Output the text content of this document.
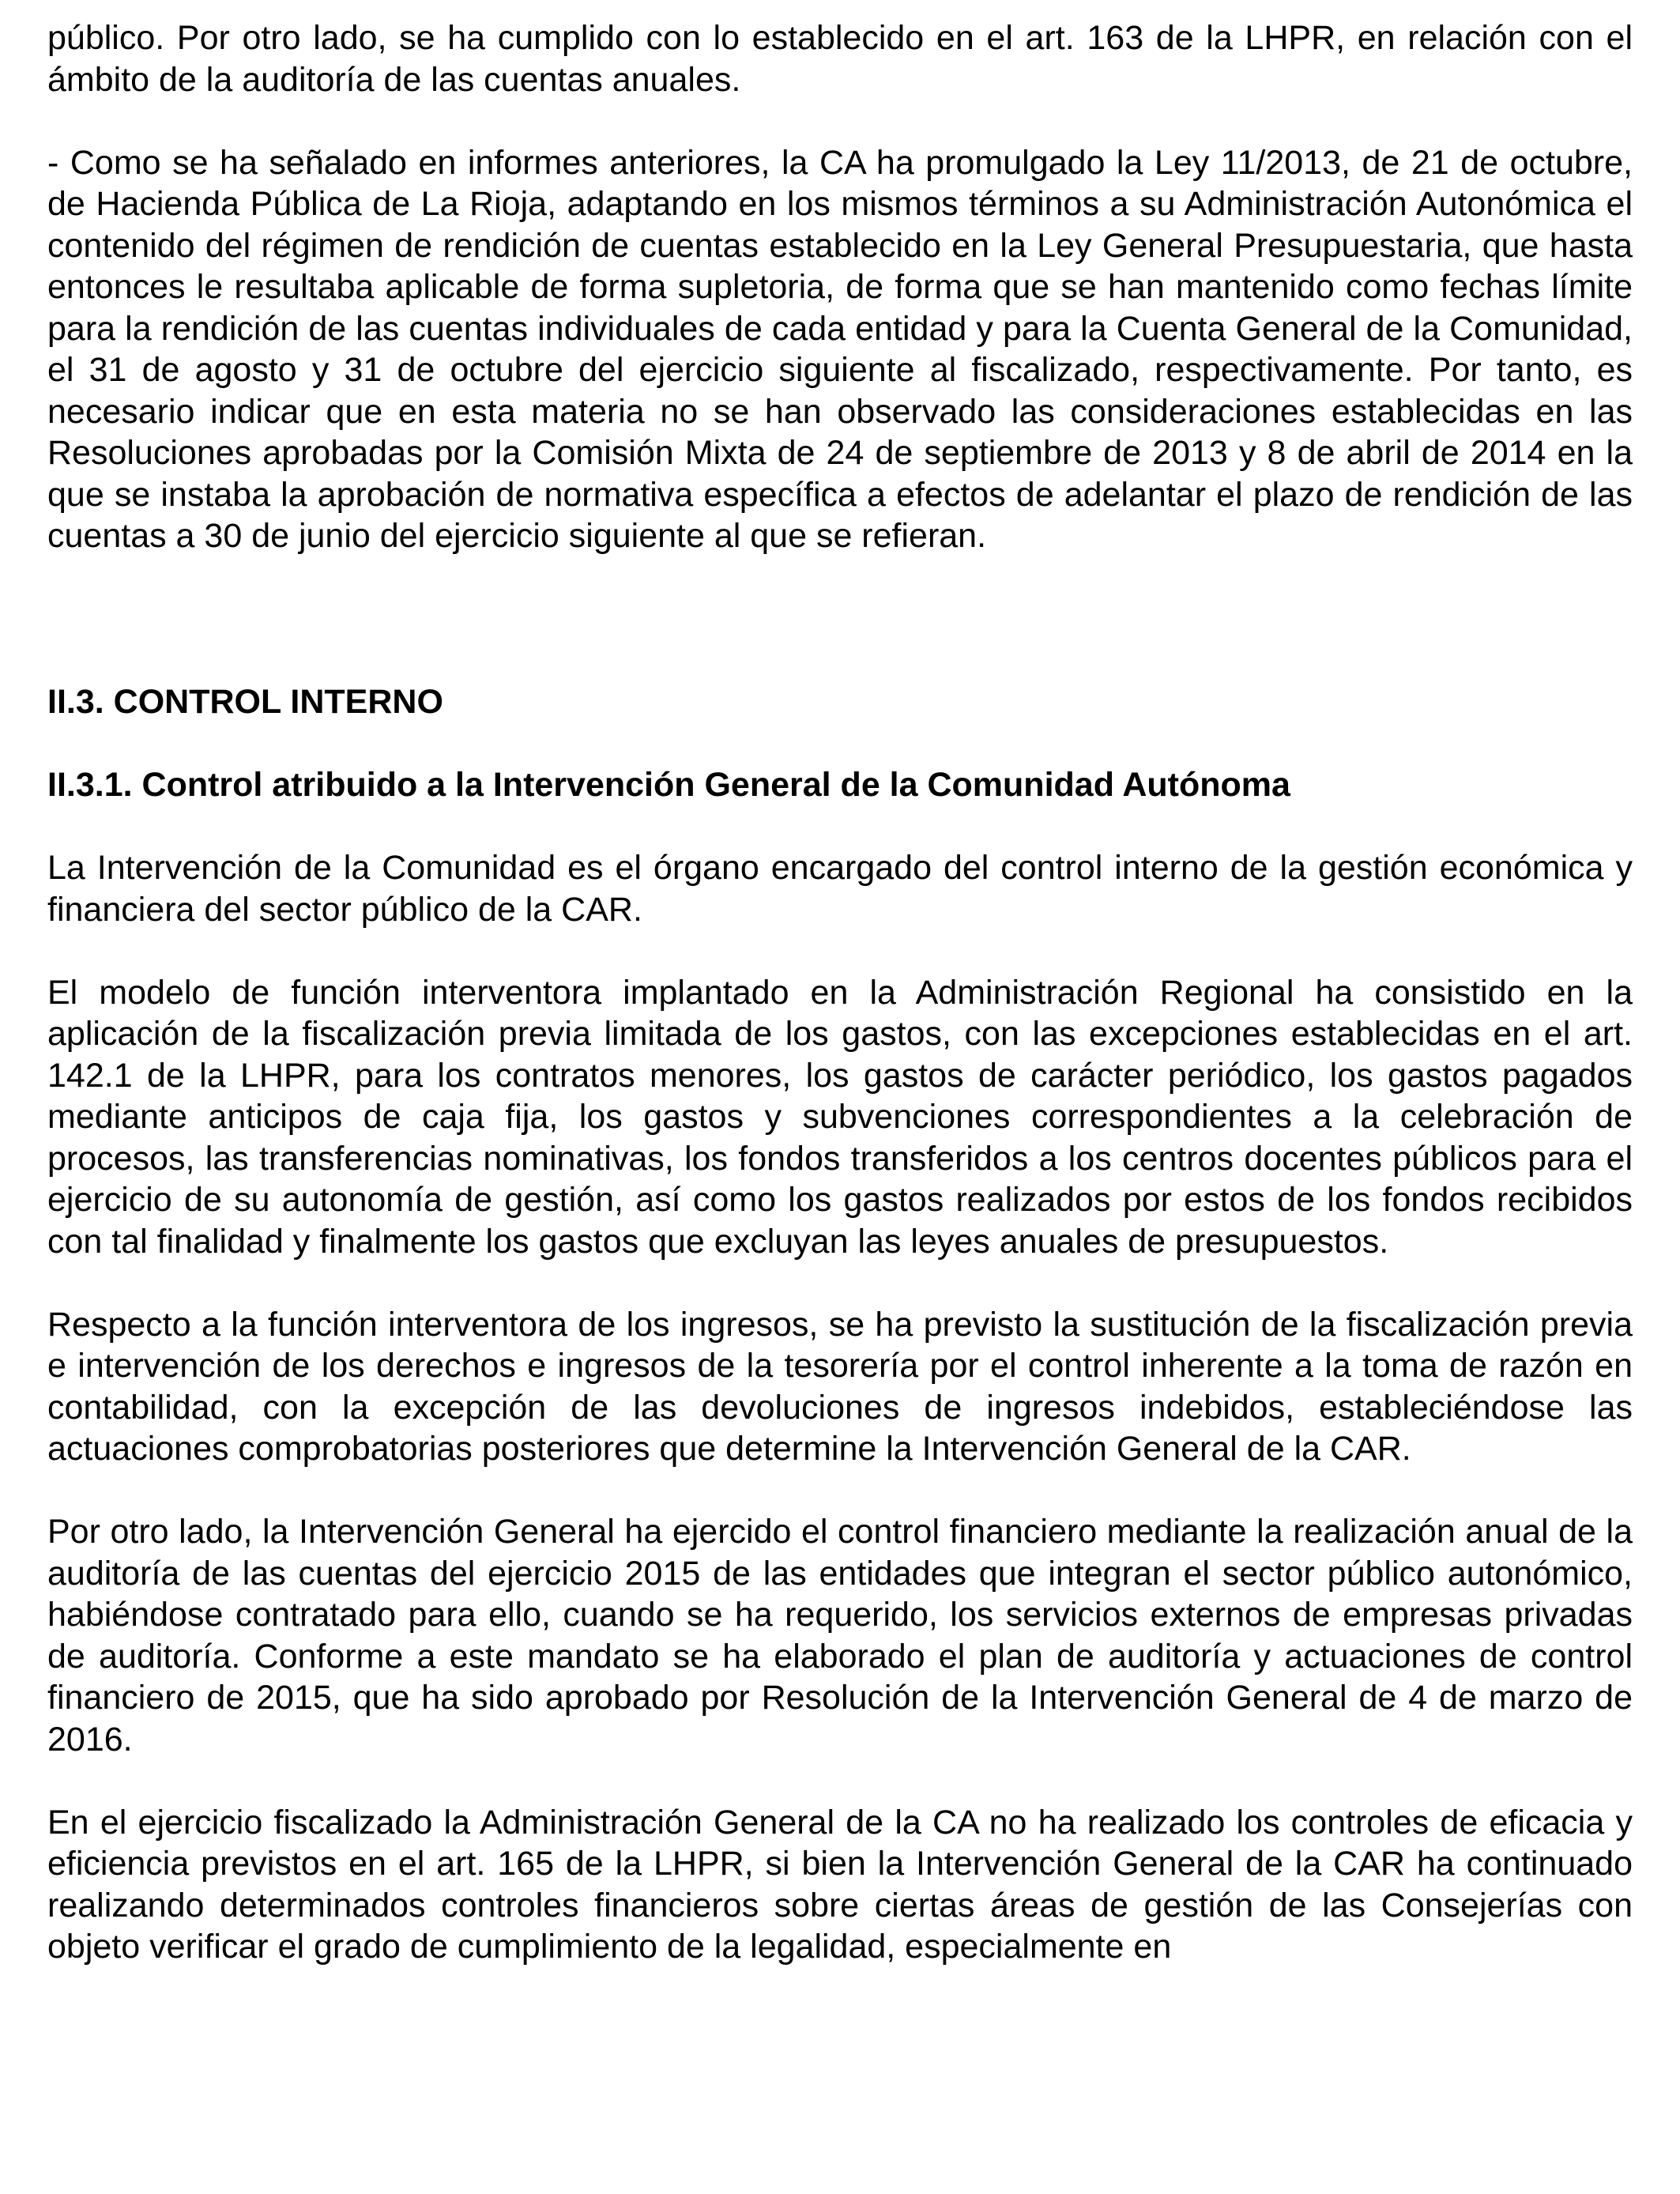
público. Por otro lado, se ha cumplido con lo establecido en el art. 163 de la LHPR, en relación con el ámbito de la auditoría de las cuentas anuales.

- Como se ha señalado en informes anteriores, la CA ha promulgado la Ley 11/2013, de 21 de octubre, de Hacienda Pública de La Rioja, adaptando en los mismos términos a su Administración Autonómica el contenido del régimen de rendición de cuentas establecido en la Ley General Presupuestaria, que hasta entonces le resultaba aplicable de forma supletoria, de forma que se han mantenido como fechas límite para la rendición de las cuentas individuales de cada entidad y para la Cuenta General de la Comunidad, el 31 de agosto y 31 de octubre del ejercicio siguiente al fiscalizado, respectivamente. Por tanto, es necesario indicar que en esta materia no se han observado las consideraciones establecidas en las Resoluciones aprobadas por la Comisión Mixta de 24 de septiembre de 2013 y 8 de abril de 2014 en la que se instaba la aprobación de normativa específica a efectos de adelantar el plazo de rendición de las cuentas a 30 de junio del ejercicio siguiente al que se refieran.

II.3. CONTROL INTERNO
II.3.1. Control atribuido a la Intervención General de la Comunidad Autónoma

La Intervención de la Comunidad es el órgano encargado del control interno de la gestión económica y financiera del sector público de la CAR.

El modelo de función interventora implantado en la Administración Regional ha consistido en la aplicación de la fiscalización previa limitada de los gastos, con las excepciones establecidas en el art. 142.1 de la LHPR, para los contratos menores, los gastos de carácter periódico, los gastos pagados mediante anticipos de caja fija, los gastos y subvenciones correspondientes a la celebración de procesos, las transferencias nominativas, los fondos transferidos a los centros docentes públicos para el ejercicio de su autonomía de gestión, así como los gastos realizados por estos de los fondos recibidos con tal finalidad y finalmente los gastos que excluyan las leyes anuales de presupuestos.

Respecto a la función interventora de los ingresos, se ha previsto la sustitución de la fiscalización previa e intervención de los derechos e ingresos de la tesorería por el control inherente a la toma de razón en contabilidad, con la excepción de las devoluciones de ingresos indebidos, estableciéndose las actuaciones comprobatorias posteriores que determine la Intervención General de la CAR.

Por otro lado, la Intervención General ha ejercido el control financiero mediante la realización anual de la auditoría de las cuentas del ejercicio 2015 de las entidades que integran el sector público autonómico, habiéndose contratado para ello, cuando se ha requerido, los servicios externos de empresas privadas de auditoría. Conforme a este mandato se ha elaborado el plan de auditoría y actuaciones de control financiero de 2015, que ha sido aprobado por Resolución de la Intervención General de 4 de marzo de 2016.

En el ejercicio fiscalizado la Administración General de la CA no ha realizado los controles de eficacia y eficiencia previstos en el art. 165 de la LHPR, si bien la Intervención General de la CAR ha continuado realizando determinados controles financieros sobre ciertas áreas de gestión de las Consejerías con objeto verificar el grado de cumplimiento de la legalidad, especialmente en
